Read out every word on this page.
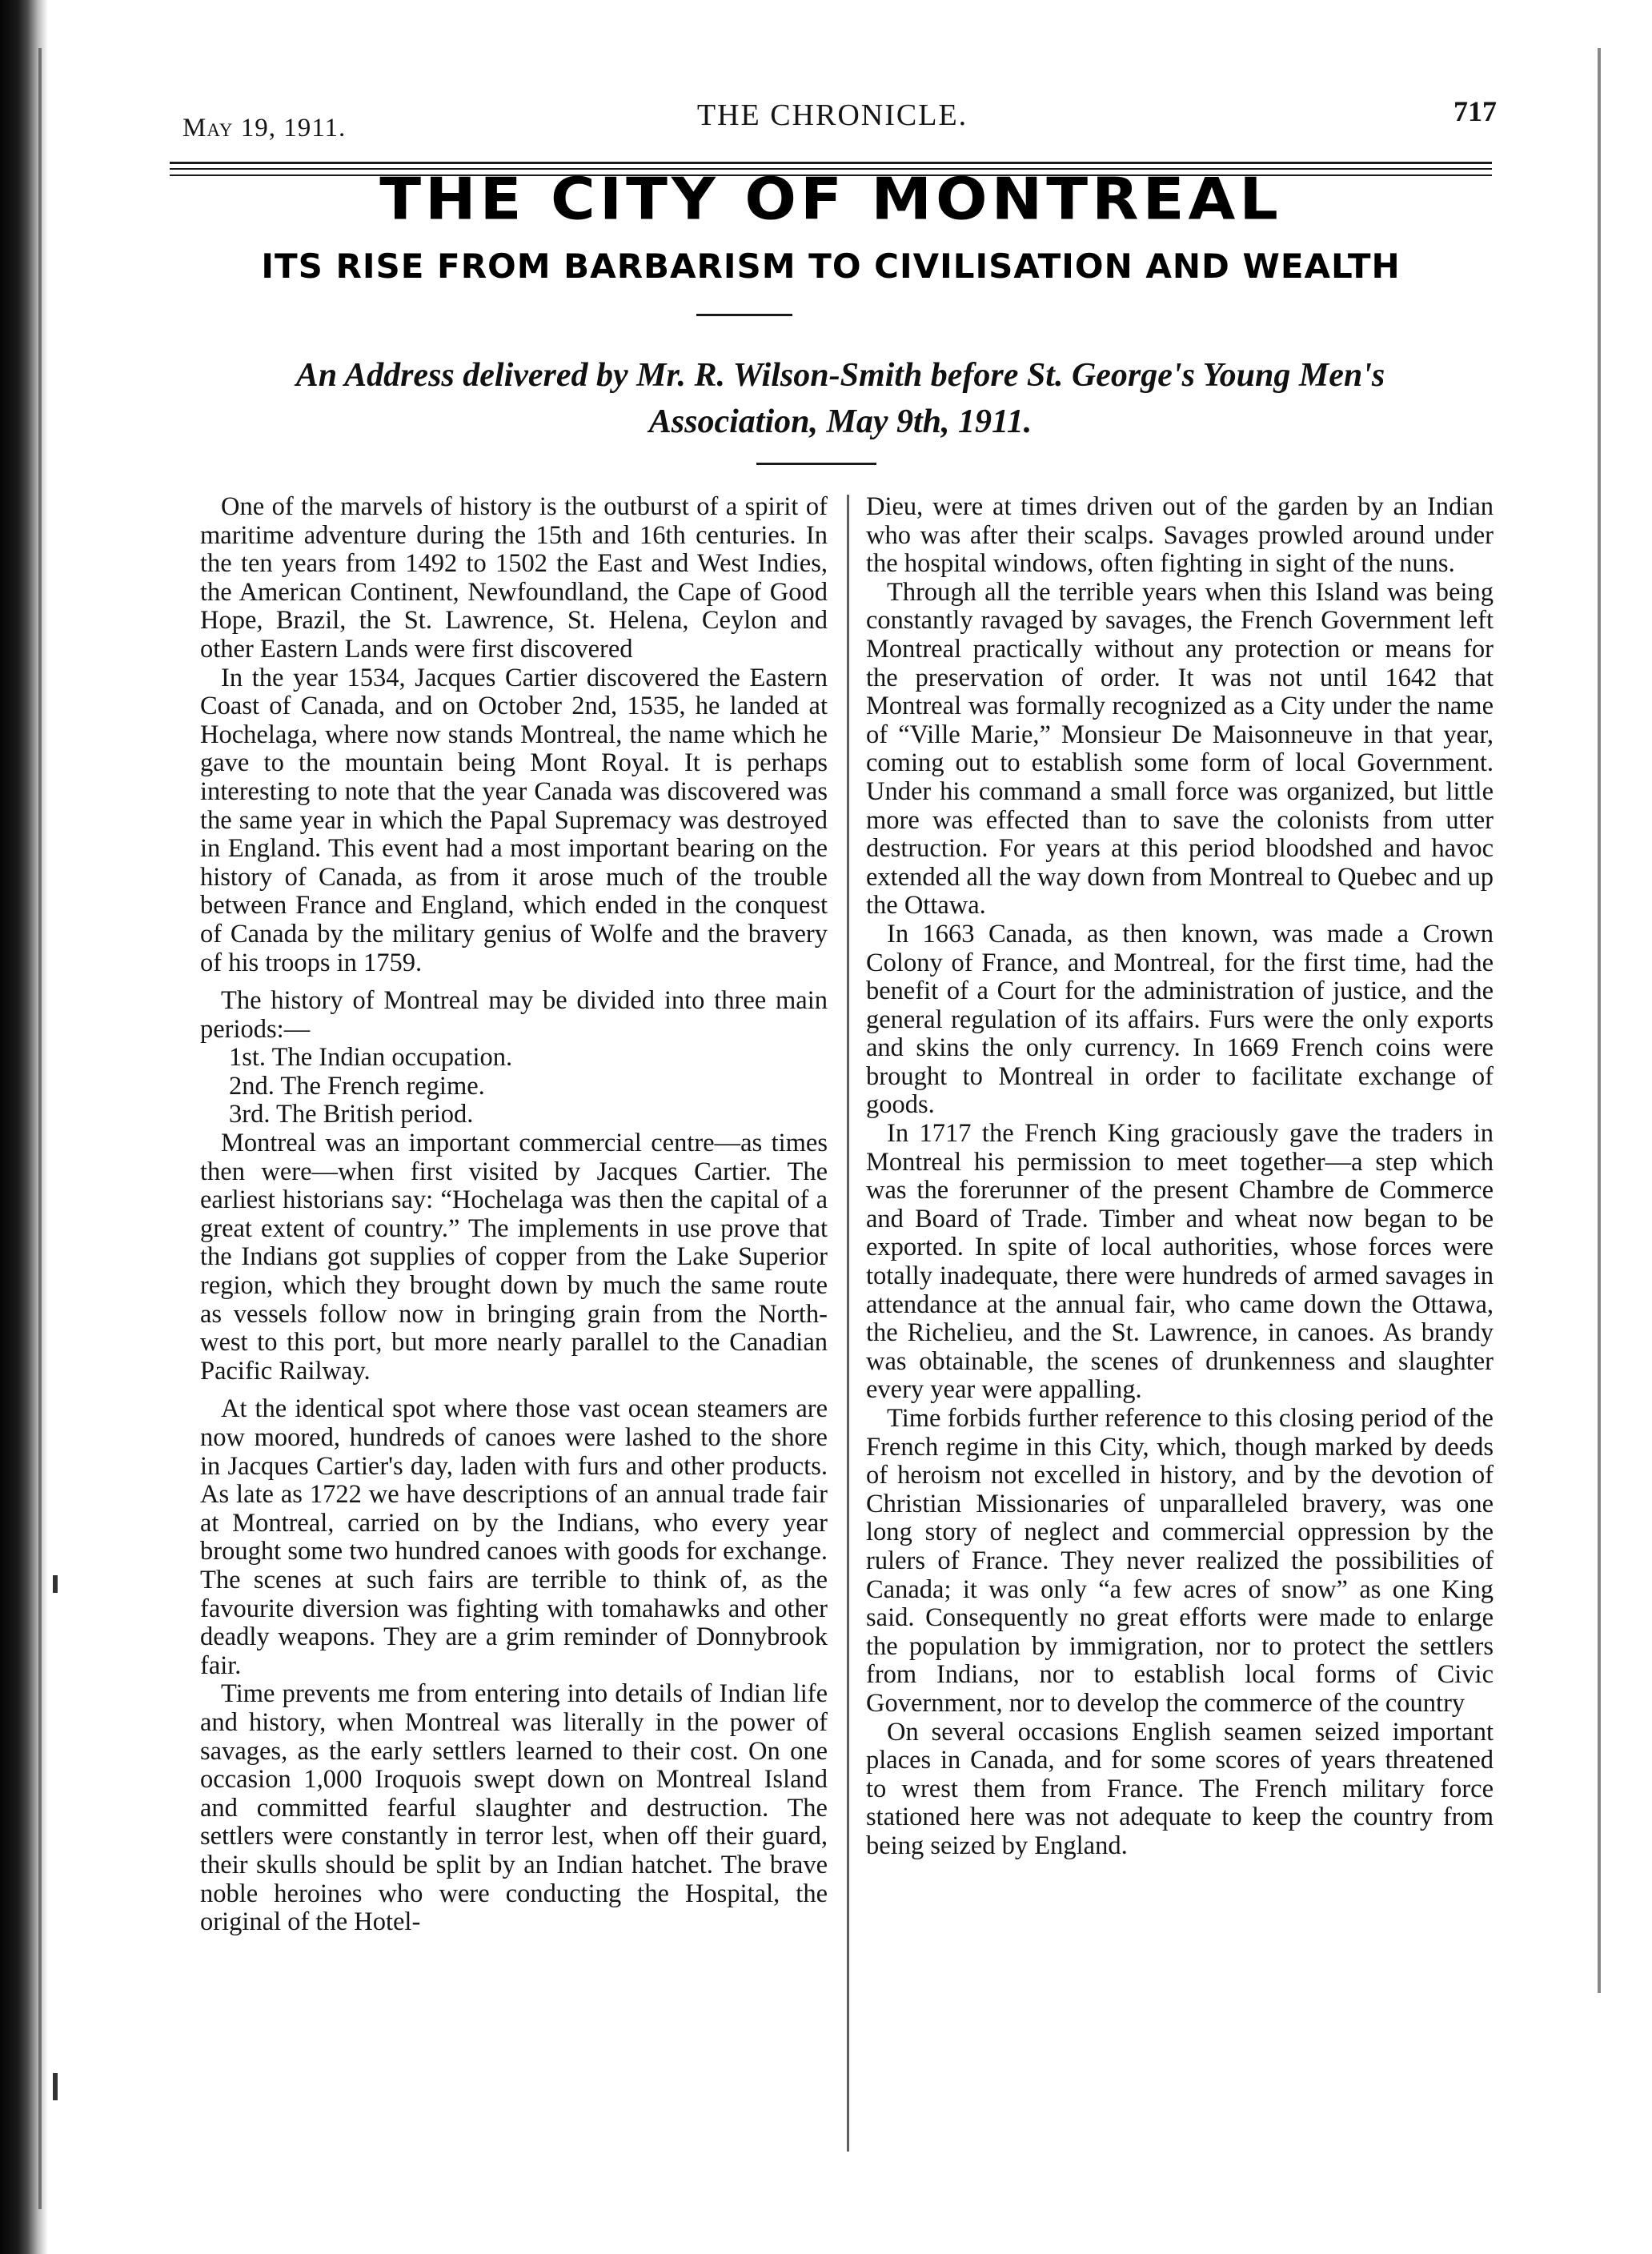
May 19, 1911.	THE CHRONICLE.	717
THE CITY OF MONTREAL
ITS RISE FROM BARBARISM TO CIVILISATION AND WEALTH
An Address delivered by Mr. R. Wilson-Smith before St. George's Young Men's
Association, May 9th, 1911.

One of the marvels of history is the outburst of a spirit of maritime adventure during the 15th and 16th centuries. In the ten years from 1492 to 1502 the East and West Indies, the American Continent, Newfoundland, the Cape of Good Hope, Brazil, the St. Lawrence, St. Helena, Ceylon and other Eastern Lands were first discovered

In the year 1534, Jacques Cartier discovered the Eastern Coast of Canada, and on October 2nd, 1535, he landed at Hochelaga, where now stands Montreal, the name which he gave to the mountain being Mont Royal. It is perhaps interesting to note that the year Canada was discovered was the same year in which the Papal Supremacy was destroyed in England. This event had a most important bearing on the history of Canada, as from it arose much of the trouble between France and England, which ended in the conquest of Canada by the military genius of Wolfe and the bravery of his troops in 1759.

The history of Montreal may be divided into three main periods:—

1st. The Indian occupation.
2nd. The French regime.
3rd. The British period.

Montreal was an important commercial centre—as times then were—when first visited by Jacques Cartier. The earliest historians say: “Hochelaga was then the capital of a great extent of country.” The implements in use prove that the Indians got supplies of copper from the Lake Superior region, which they brought down by much the same route as vessels follow now in bringing grain from the North-west to this port, but more nearly parallel to the Canadian Pacific Railway.

At the identical spot where those vast ocean steamers are now moored, hundreds of canoes were lashed to the shore in Jacques Cartier's day, laden with furs and other products. As late as 1722 we have descriptions of an annual trade fair at Montreal, carried on by the Indians, who every year brought some two hundred canoes with goods for exchange. The scenes at such fairs are terrible to think of, as the favourite diversion was fighting with tomahawks and other deadly weapons. They are a grim reminder of Donnybrook fair.

Time prevents me from entering into details of Indian life and history, when Montreal was literally in the power of savages, as the early settlers learned to their cost. On one occasion 1,000 Iroquois swept down on Montreal Island and committed fearful slaughter and destruction. The settlers were constantly in terror lest, when off their guard, their skulls should be split by an Indian hatchet. The brave noble heroines who were conducting the Hospital, the original of the Hotel-

Dieu, were at times driven out of the garden by an Indian who was after their scalps. Savages prowled around under the hospital windows, often fighting in sight of the nuns.

Through all the terrible years when this Island was being constantly ravaged by savages, the French Government left Montreal practically without any protection or means for the preservation of order. It was not until 1642 that Montreal was formally recognized as a City under the name of “Ville Marie,” Monsieur De Maisonneuve in that year, coming out to establish some form of local Government. Under his command a small force was organized, but little more was effected than to save the colonists from utter destruction. For years at this period bloodshed and havoc extended all the way down from Montreal to Quebec and up the Ottawa.

In 1663 Canada, as then known, was made a Crown Colony of France, and Montreal, for the first time, had the benefit of a Court for the administration of justice, and the general regulation of its affairs. Furs were the only exports and skins the only currency. In 1669 French coins were brought to Montreal in order to facilitate exchange of goods.

In 1717 the French King graciously gave the traders in Montreal his permission to meet together—a step which was the forerunner of the present Chambre de Commerce and Board of Trade. Timber and wheat now began to be exported. In spite of local authorities, whose forces were totally inadequate, there were hundreds of armed savages in attendance at the annual fair, who came down the Ottawa, the Richelieu, and the St. Lawrence, in canoes. As brandy was obtainable, the scenes of drunkenness and slaughter every year were appalling.

Time forbids further reference to this closing period of the French regime in this City, which, though marked by deeds of heroism not excelled in history, and by the devotion of Christian Missionaries of unparalleled bravery, was one long story of neglect and commercial oppression by the rulers of France. They never realized the possibilities of Canada; it was only “a few acres of snow” as one King said. Consequently no great efforts were made to enlarge the population by immigration, nor to protect the settlers from Indians, nor to establish local forms of Civic Government, nor to develop the commerce of the country

On several occasions English seamen seized important places in Canada, and for some scores of years threatened to wrest them from France. The French military force stationed here was not adequate to keep the country from being seized by England.
